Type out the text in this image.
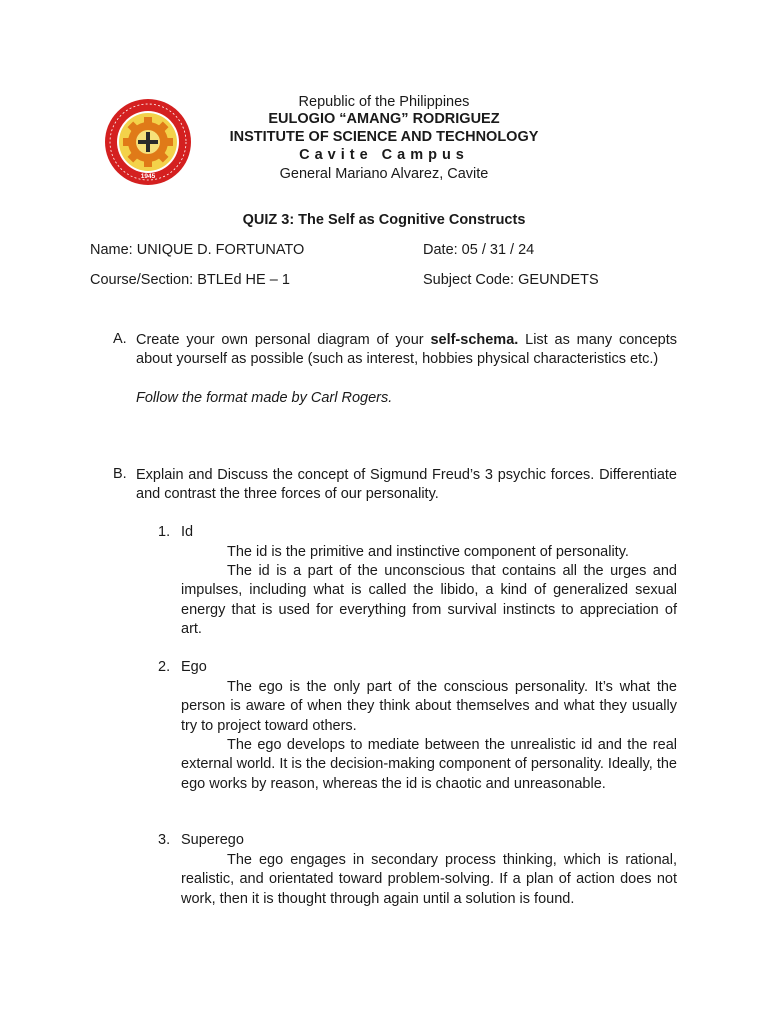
1945
Republic of the Philippines
EULOGIO “AMANG” RODRIGUEZ
INSTITUTE OF SCIENCE AND TECHNOLOGY
Cavite Campus
General Mariano Alvarez, Cavite
QUIZ 3: The Self as Cognitive Constructs
Name: UNIQUE D. FORTUNATO	Date: 05 / 31 / 24
Course/Section: BTLEd HE – 1	Subject Code: GEUNDETS
A. Create your own personal diagram of your self-schema. List as many concepts about yourself as possible (such as interest, hobbies physical characteristics etc.)
Follow the format made by Carl Rogers.
B. Explain and Discuss the concept of Sigmund Freud’s 3 psychic forces. Differentiate and contrast the three forces of our personality.
1. Id
The id is the primitive and instinctive component of personality.
The id is a part of the unconscious that contains all the urges and impulses, including what is called the libido, a kind of generalized sexual energy that is used for everything from survival instincts to appreciation of art.
2. Ego
The ego is the only part of the conscious personality. It’s what the person is aware of when they think about themselves and what they usually try to project toward others.
The ego develops to mediate between the unrealistic id and the real external world. It is the decision-making component of personality. Ideally, the ego works by reason, whereas the id is chaotic and unreasonable.
3. Superego
The ego engages in secondary process thinking, which is rational, realistic, and orientated toward problem-solving. If a plan of action does not work, then it is thought through again until a solution is found.
